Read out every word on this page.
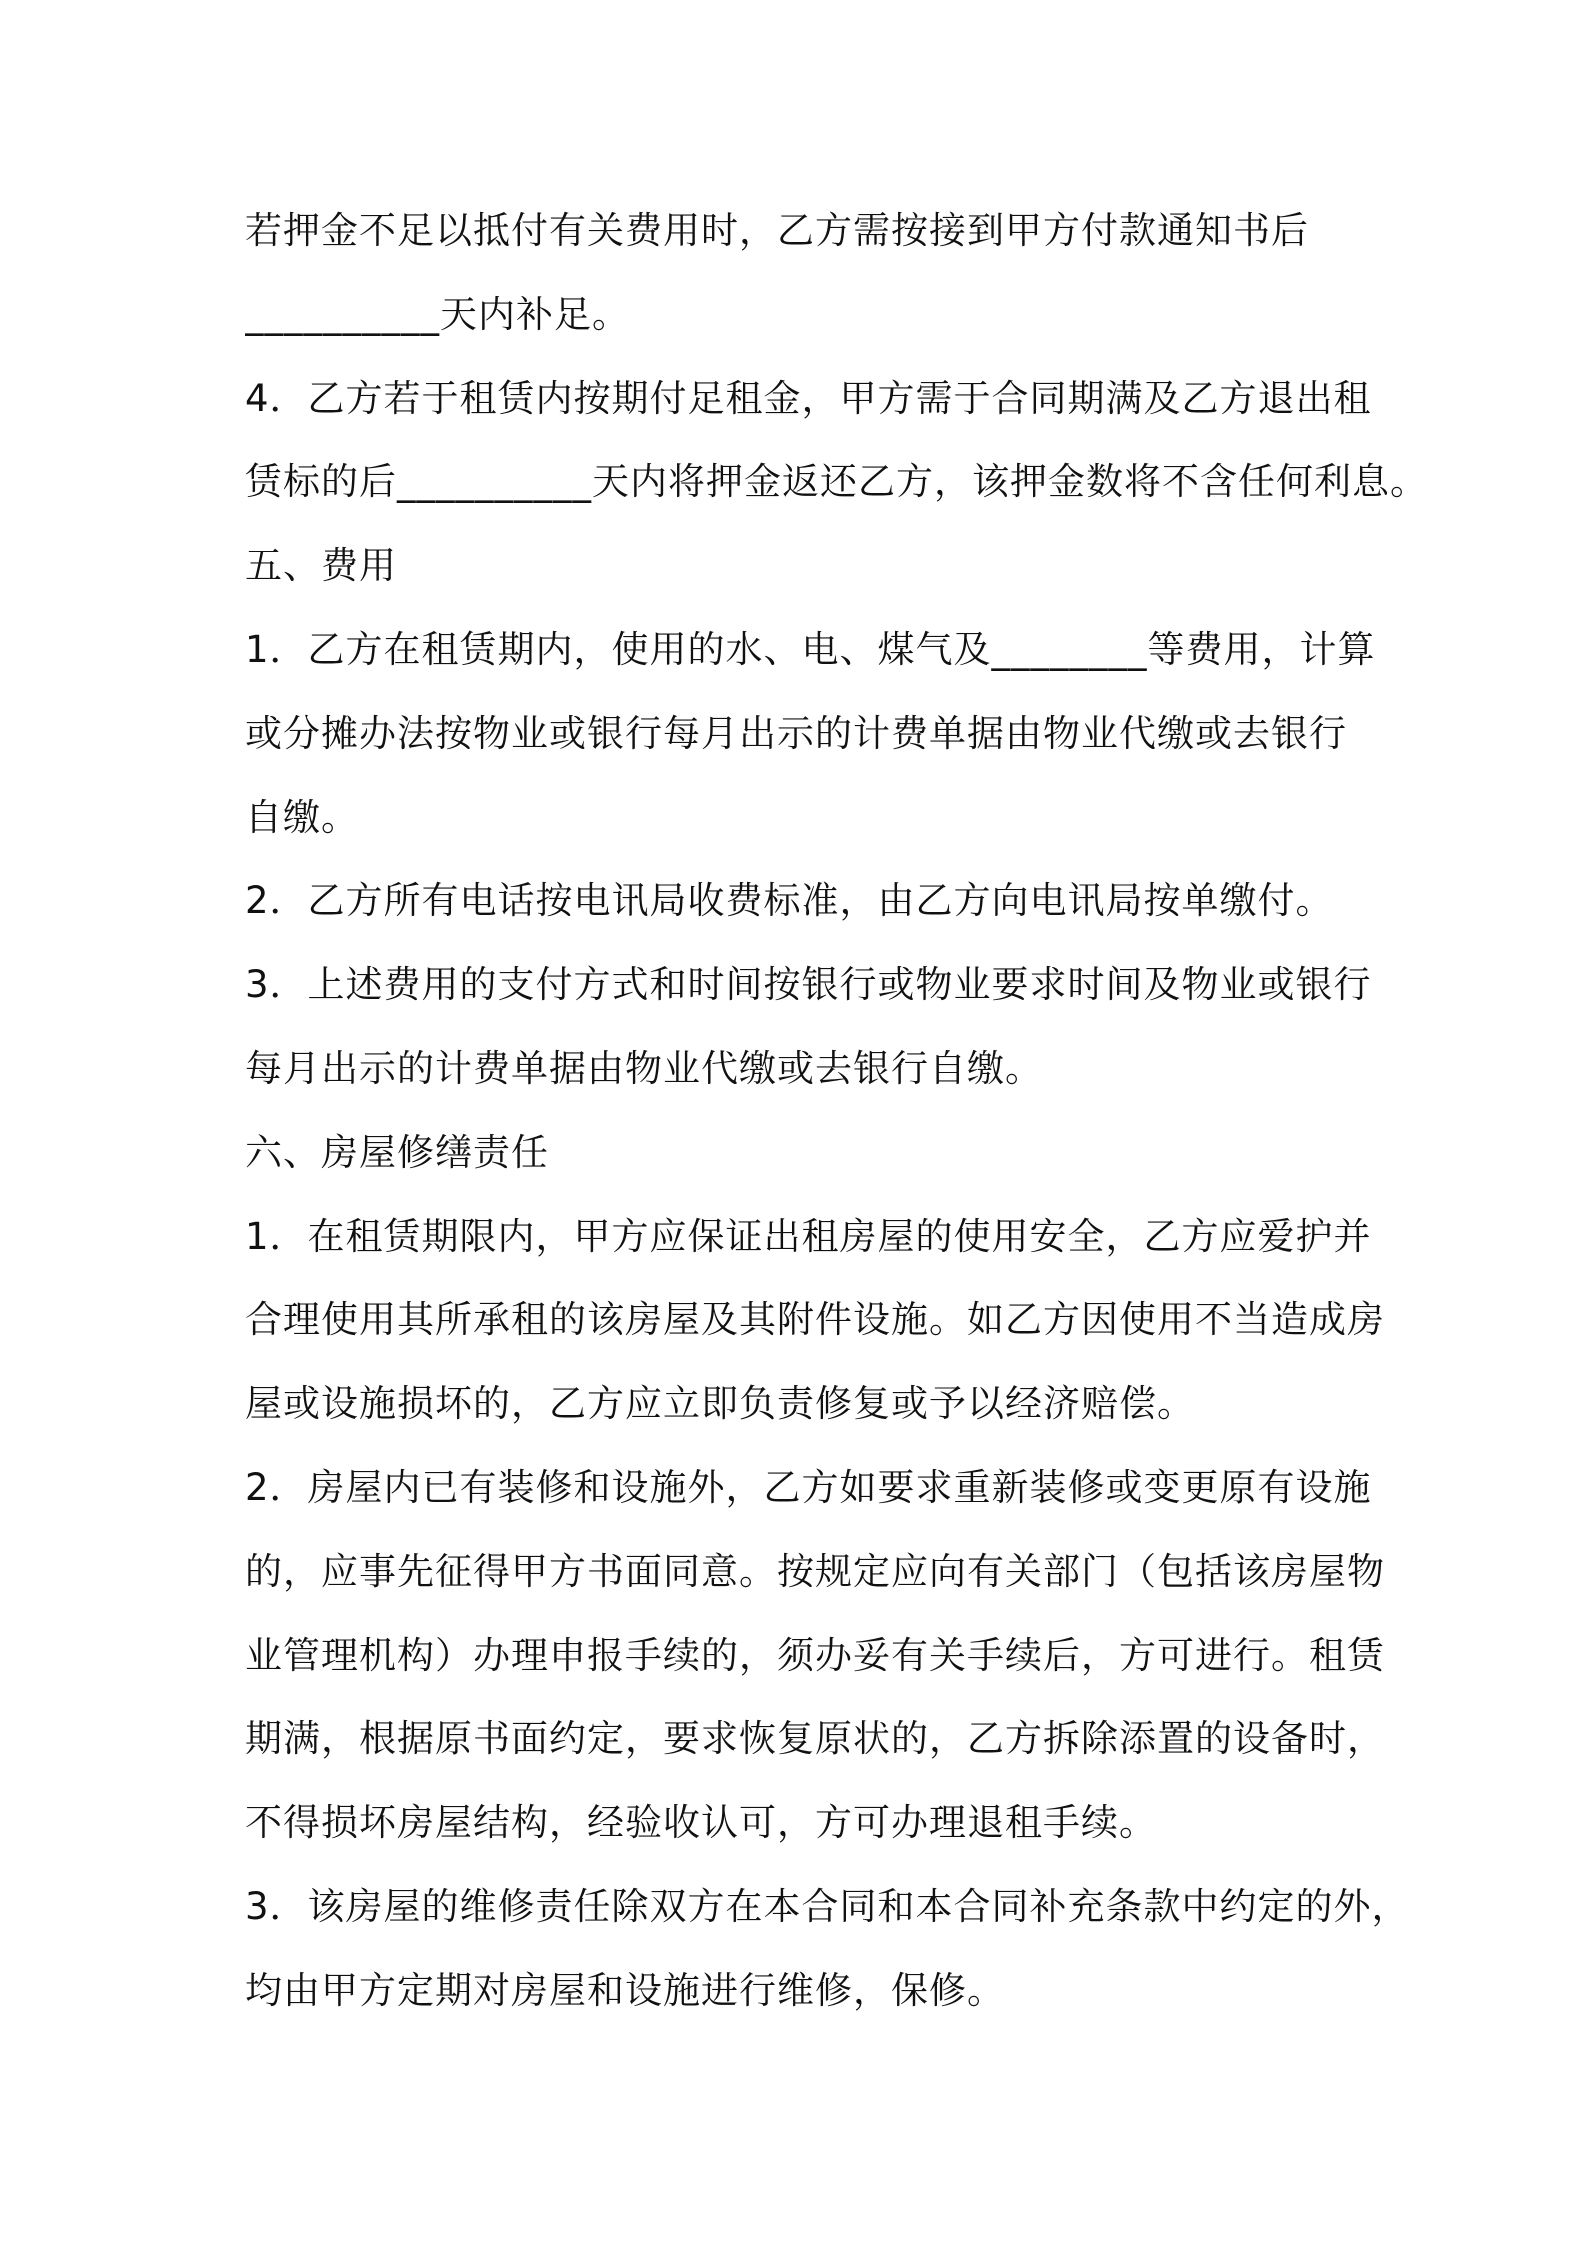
若押金不足以抵付有关费用时，乙方需按接到甲方付款通知书后
__________天内补足。
4．乙方若于租赁内按期付足租金，甲方需于合同期满及乙方退出租
赁标的后__________天内将押金返还乙方，该押金数将不含任何利息。
五、费用
1．乙方在租赁期内，使用的水、电、煤气及________等费用，计算
或分摊办法按物业或银行每月出示的计费单据由物业代缴或去银行
自缴。
2．乙方所有电话按电讯局收费标准，由乙方向电讯局按单缴付。
3．上述费用的支付方式和时间按银行或物业要求时间及物业或银行
每月出示的计费单据由物业代缴或去银行自缴。
六、房屋修缮责任
1．在租赁期限内，甲方应保证出租房屋的使用安全，乙方应爱护并
合理使用其所承租的该房屋及其附件设施。如乙方因使用不当造成房
屋或设施损坏的，乙方应立即负责修复或予以经济赔偿。
2．房屋内已有装修和设施外，乙方如要求重新装修或变更原有设施
的，应事先征得甲方书面同意。按规定应向有关部门（包括该房屋物
业管理机构）办理申报手续的，须办妥有关手续后，方可进行。租赁
期满，根据原书面约定，要求恢复原状的，乙方拆除添置的设备时，
不得损坏房屋结构，经验收认可，方可办理退租手续。
3．该房屋的维修责任除双方在本合同和本合同补充条款中约定的外，
均由甲方定期对房屋和设施进行维修，保修。
